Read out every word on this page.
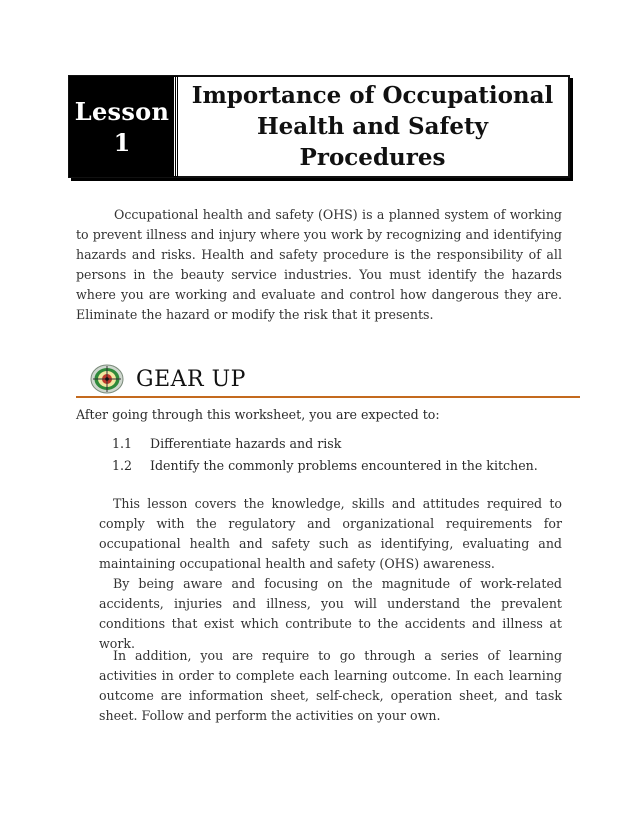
Lesson
1
Importance of Occupational Health and Safety Procedures

Occupational health and safety (OHS) is a planned system of working to prevent illness and injury where you work by recognizing and identifying hazards and risks. Health and safety procedure is the responsibility of all persons in the beauty service industries. You must identify the hazards where you are working and evaluate and control how dangerous they are. Eliminate the hazard or modify the risk that it presents.

GEAR UP
After going through this worksheet, you are expected to:
1.1	Differentiate hazards and risk
1.2	Identify the commonly problems encountered in the kitchen.

This lesson covers the knowledge, skills and attitudes required to comply with the regulatory and organizational requirements for occupational health and safety such as identifying, evaluating and maintaining occupational health and safety (OHS) awareness.

By being aware and focusing on the magnitude of work-related accidents, injuries and illness, you will understand the prevalent conditions that exist which contribute to the accidents and illness at work.

In addition, you are require to go through a series of learning activities in order to complete each learning outcome. In each learning outcome are information sheet, self-check, operation sheet, and task sheet. Follow and perform the activities on your own.
